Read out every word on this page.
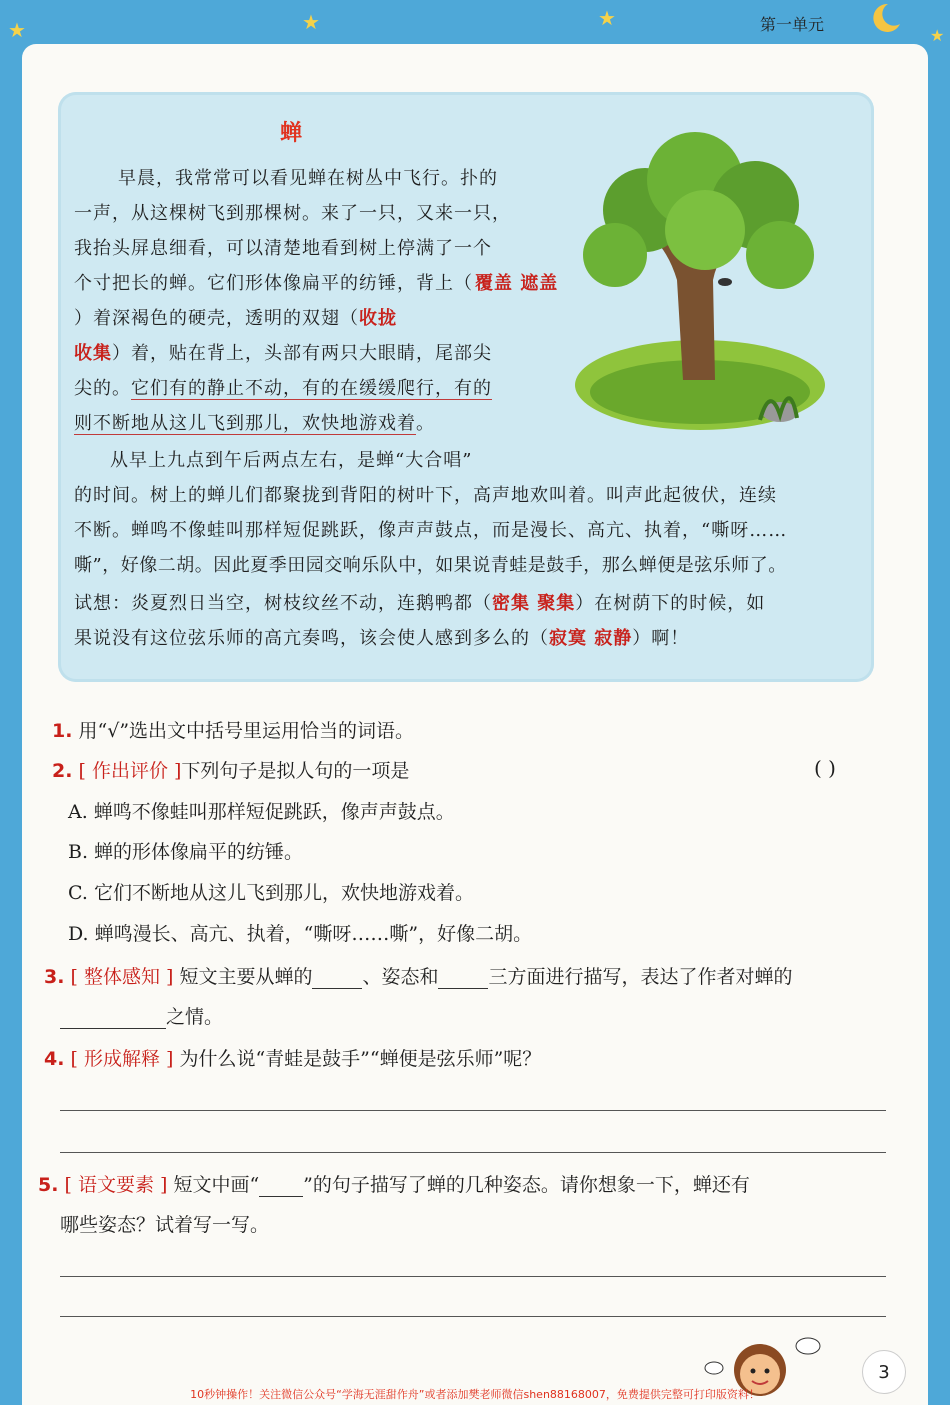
★	★	★
★
第一单元
蝉
早晨，我常常可以看见蝉在树丛中飞行。扑的
一声，从这棵树飞到那棵树。来了一只，又来一只，
我抬头屏息细看，可以清楚地看到树上停满了一个
个寸把长的蝉。它们形体像扁平的纺锤，背上（ 覆盖 遮盖
）着深褐色的硬壳，透明的双翅（收拢
收集）着，贴在背上，头部有两只大眼睛，尾部尖
尖的。它们有的静止不动，有的在缓缓爬行，有的
则不断地从这儿飞到那儿，欢快地游戏着。
从早上九点到午后两点左右，是蝉“大合唱”
的时间。树上的蝉儿们都聚拢到背阳的树叶下，高声地欢叫着。叫声此起彼伏，连续
不断。蝉鸣不像蛙叫那样短促跳跃，像声声鼓点，而是漫长、高亢、执着，“嘶呀……
嘶”，好像二胡。因此夏季田园交响乐队中，如果说青蛙是鼓手，那么蝉便是弦乐师了。
试想：炎夏烈日当空，树枝纹丝不动，连鹅鸭都（密集 聚集）在树荫下的时候，如
果说没有这位弦乐师的高亢奏鸣，该会使人感到多么的（寂寞 寂静）啊！
1. 用“√”选出文中括号里运用恰当的词语。
2. [ 作出评价 ]下列句子是拟人句的一项是	( )
A. 蝉鸣不像蛙叫那样短促跳跃，像声声鼓点。
B. 蝉的形体像扁平的纺锤。
C. 它们不断地从这儿飞到那儿，欢快地游戏着。
D. 蝉鸣漫长、高亢、执着，“嘶呀……嘶”，好像二胡。
3. [ 整体感知 ] 短文主要从蝉的	、姿态和	三方面进行描写，表达了作者对蝉的
之情。
4. [ 形成解释 ] 为什么说“青蛙是鼓手”“蝉便是弦乐师”呢？
5. [ 语文要素 ] 短文中画“ ”的句子描写了蝉的几种姿态。请你想象一下，蝉还有
哪些姿态？试着写一写。
3
10秒钟操作！关注微信公众号“学海无涯甜作舟”或者添加樊老师微信shen88168007，免费提供完整可打印版资料！
